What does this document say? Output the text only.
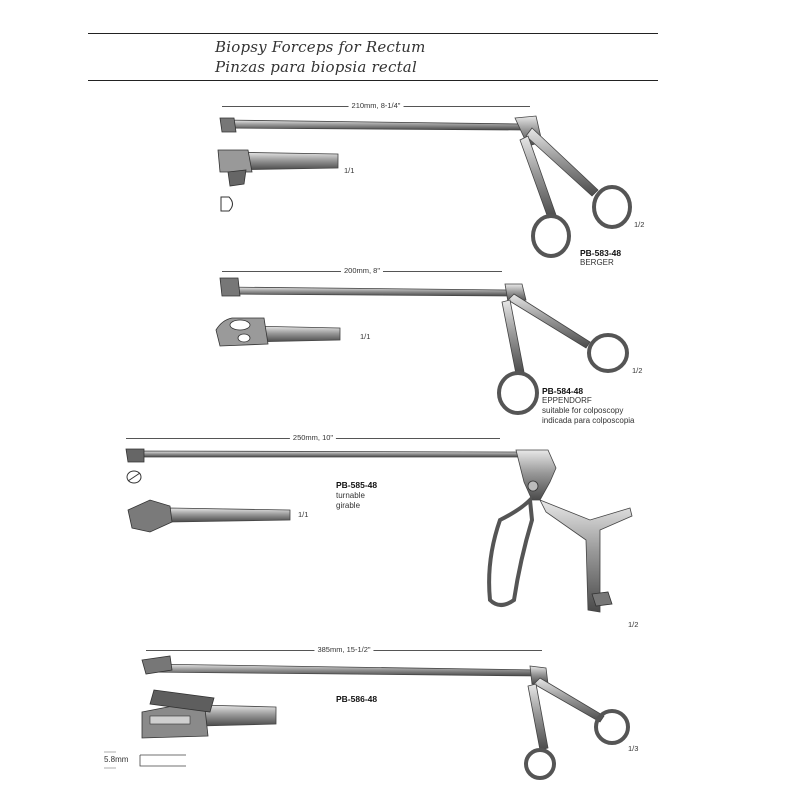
Biopsy Forceps for Rectum
Pinzas para biopsia rectal
210mm, 8-1/4"
1/1
1/2
PB-583-48
BERGER
200mm, 8"
1/1
1/2
PB-584-48
EPPENDORF
suitable for colposcopy
indicada para colposcopia
250mm, 10"
PB-585-48
turnable
girable
1/1
1/2
385mm, 15-1/2"
PB-586-48
1/3
5.8mm
